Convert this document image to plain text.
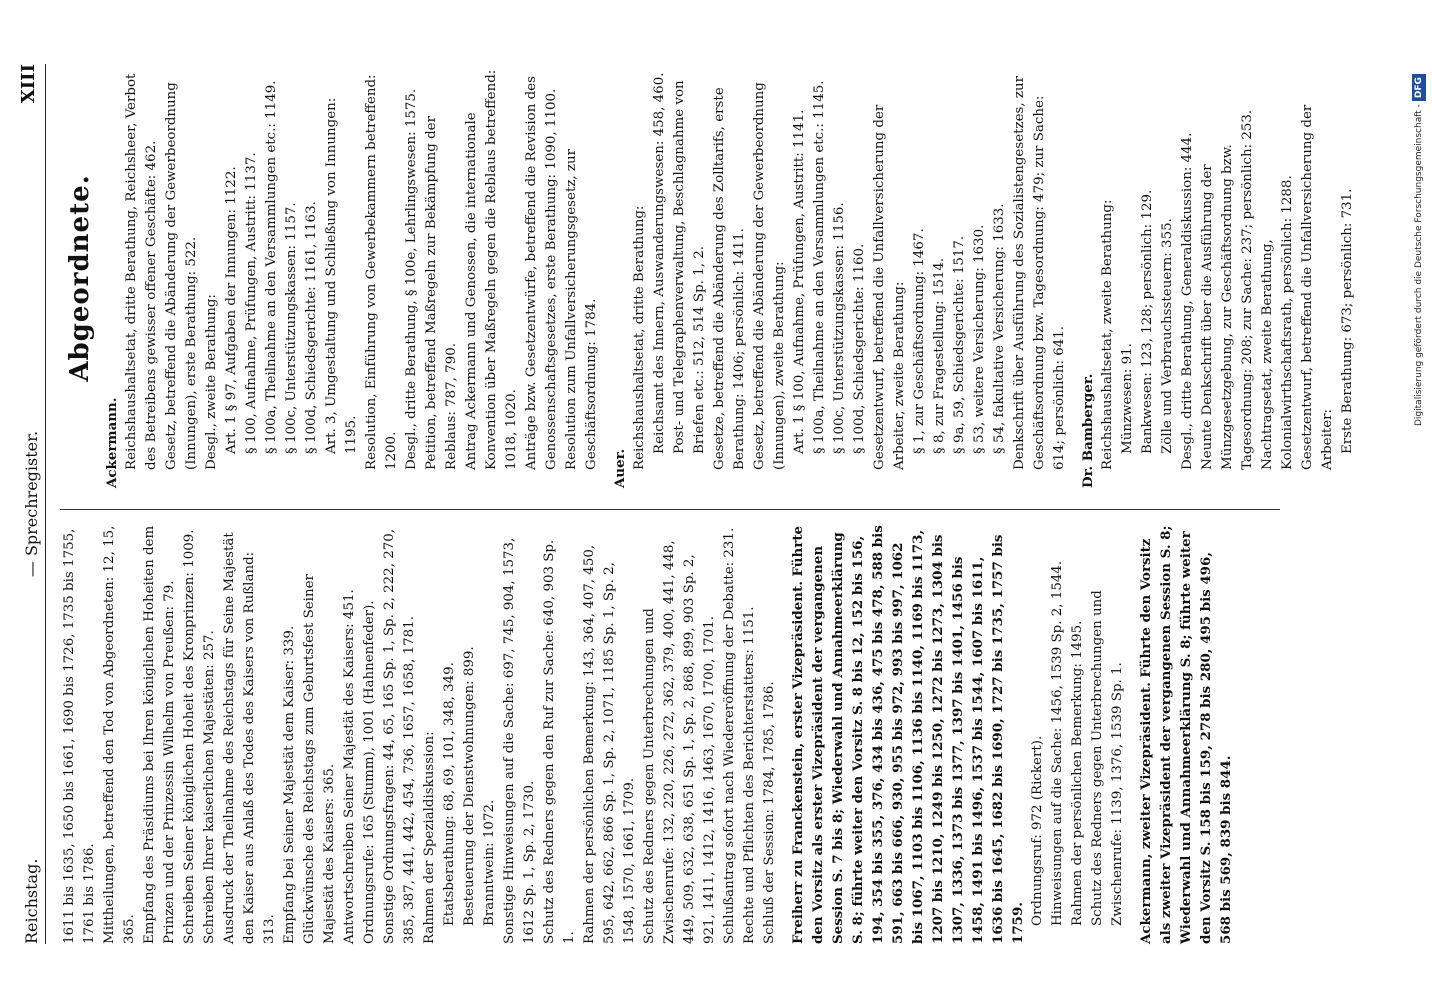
Reichstag.
— Sprechregister.
XIII

1611 bis 1635, 1650 bis 1661, 1690 bis 1726, 1735 bis 1755, 1761 bis 1786. Mittheilungen, betreffend den Tod von Abgeordneten: 12, 15, 365. Empfang des Präsidiums bei Ihren königlichen Hoheiten dem Prinzen und der Prinzessin Wilhelm von Preußen: 79. Schreiben Seiner königlichen Hoheit des Kronprinzen: 1009. Schreiben Ihrer kaiserlichen Majestäten: 257. Ausdruck der Theilnahme des Reichstags für Seine Majestät den Kaiser aus Anlaß des Todes des Kaisers von Rußland: 313. Empfang bei Seiner Majestät dem Kaiser: 339. Glückwünsche des Reichstags zum Geburtsfest Seiner Majestät des Kaisers: 365. Antwortschreiben Seiner Majestät des Kaisers: 451. Ordnungsrufe: 165 (Stumm), 1001 (Hahnenfeder). Sonstige Ordnungsfragen: 44, 65, 165 Sp. 1, Sp. 2, 222, 270, 385, 387, 441, 442, 454, 736, 1657, 1658, 1781. Rahmen der Spezialdiskussion: Etatsberathung: 68, 69, 101, 348, 349. Besteuerung der Dienstwohnungen: 899. Branntwein: 1072. Sonstige Hinweisungen auf die Sache: 697, 745, 904, 1573, 1612 Sp. 1, Sp. 2, 1730. Schutz des Redners gegen den Ruf zur Sache: 640, 903 Sp. 1. Rahmen der persönlichen Bemerkung: 143, 364, 407, 450, 595, 642, 662, 866 Sp. 1, Sp. 2, 1071, 1185 Sp. 1, Sp. 2, 1548, 1570, 1661, 1709. Schutz des Redners gegen Unterbrechungen und Zwischenrufe: 132, 220, 226, 272, 362, 379, 400, 441, 448, 449, 509, 632, 638, 651 Sp. 1, Sp. 2, 868, 899, 903 Sp. 2, 921, 1411, 1412, 1416, 1463, 1670, 1700, 1701. Schlußantrag sofort nach Wiedereröffnung der Debatte: 231. Rechte und Pflichten des Berichterstatters: 1151. Schluß der Session: 1784, 1785, 1786. Freiherr zu Franckenstein, erster Vizepräsident. Führte den Vorsitz als erster Vizepräsident der vergangenen Session S. 7 bis 8; Wiederwahl und Annahmeerklärung S. 8; führte weiter den Vorsitz S. 8 bis 12, 152 bis 156, 194, 354 bis 355, 376, 434 bis 436, 475 bis 478, 588 bis 591, 663 bis 666, 930, 955 bis 972, 993 bis 997, 1062 bis 1067, 1103 bis 1106, 1136 bis 1140, 1169 bis 1173, 1207 bis 1210, 1249 bis 1250, 1272 bis 1273, 1304 bis 1307, 1336, 1373 bis 1377, 1397 bis 1401, 1456 bis 1458, 1491 bis 1496, 1537 bis 1544, 1607 bis 1611, 1636 bis 1645, 1682 bis 1690, 1727 bis 1735, 1757 bis 1759. Ordnungsruf: 972 (Rickert). Hinweisungen auf die Sache: 1456, 1539 Sp. 2, 1544. Rahmen der persönlichen Bemerkung: 1495. Schutz des Redners gegen Unterbrechungen und Zwischenrufe: 1139, 1376, 1539 Sp. 1. Ackermann, zweiter Vizepräsident. Führte den Vorsitz als zweiter Vizepräsident der vergangenen Session S. 8; Wiederwahl und Annahmeerklärung S. 8; führte weiter den Vorsitz S. 158 bis 159, 278 bis 280, 495 bis 496, 568 bis 569, 839 bis 844.

Abgeordnete.

Ackermann. Reichshaushaltsetat, dritte Berathung, Reichsheer, Verbot des Betreibens gewisser offener Geschäfte: 462. Gesetz, betreffend die Abänderung der Gewerbeordnung (Innungen), erste Berathung: 522. Desgl., zweite Berathung: Art. 1 § 97, Aufgaben der Innungen: 1122. § 100, Aufnahme, Prüfungen, Austritt: 1137. § 100a, Theilnahme an den Versammlungen etc.: 1149. § 100c, Unterstützungskassen: 1157. § 100d, Schiedsgerichte: 1161, 1163. Art. 3, Umgestaltung und Schließung von Innungen: 1195. Resolution, Einführung von Gewerbekammern betreffend: 1200. Desgl., dritte Berathung, § 100e, Lehrlingswesen: 1575. Petition, betreffend Maßregeln zur Bekämpfung der Reblaus: 787, 790. Antrag Ackermann und Genossen, die internationale Konvention über Maßregeln gegen die Reblaus betreffend: 1018, 1020. Anträge bzw. Gesetzentwürfe, betreffend die Revision des Genossenschaftsgesetzes, erste Berathung: 1090, 1100. Resolution zum Unfallversicherungsgesetz, zur Geschäftsordnung: 1784. Auer. Reichshaushaltsetat, dritte Berathung: Reichsamt des Innern, Auswanderungswesen: 458, 460. Post- und Telegraphenverwaltung, Beschlagnahme von Briefen etc.: 512, 514 Sp. 1, 2. Gesetze, betreffend die Abänderung des Zolltarifs, erste Berathung: 1406; persönlich: 1411. Gesetz, betreffend die Abänderung der Gewerbeordnung (Innungen), zweite Berathung: Art. 1 § 100, Aufnahme, Prüfungen, Austritt: 1141. § 100a, Theilnahme an den Versammlungen etc.: 1145. § 100c, Unterstützungskassen: 1156. § 100d, Schiedsgerichte: 1160. Gesetzentwurf, betreffend die Unfallversicherung der Arbeiter, zweite Berathung: § 1, zur Geschäftsordnung: 1467. § 8, zur Fragestellung: 1514. § 9a, 59, Schiedsgerichte: 1517. § 53, weitere Versicherung: 1630. § 54, fakultative Versicherung: 1633. Denkschrift über Ausführung des Sozialistengesetzes, zur Geschäftsordnung bzw. Tagesordnung: 479; zur Sache: 614; persönlich: 641. Dr. Bamberger. Reichshaushaltsetat, zweite Berathung: Münzwesen: 91. Bankwesen: 123, 128; persönlich: 129. Zölle und Verbrauchssteuern: 355. Desgl., dritte Berathung, Generaldiskussion: 444. Neunte Denkschrift über die Ausführung der Münzgesetzgebung, zur Geschäftsordnung bzw. Tagesordnung: 208; zur Sache: 237; persönlich: 253. Nachtragsetat, zweite Berathung, Kolonialwirthschaftsrath, persönlich: 1288. Gesetzentwurf, betreffend die Unfallversicherung der Arbeiter: Erste Berathung: 673; persönlich: 731.	Digitalisierung gefördert durch die Deutsche Forschungsgemeinschaft -DFG
